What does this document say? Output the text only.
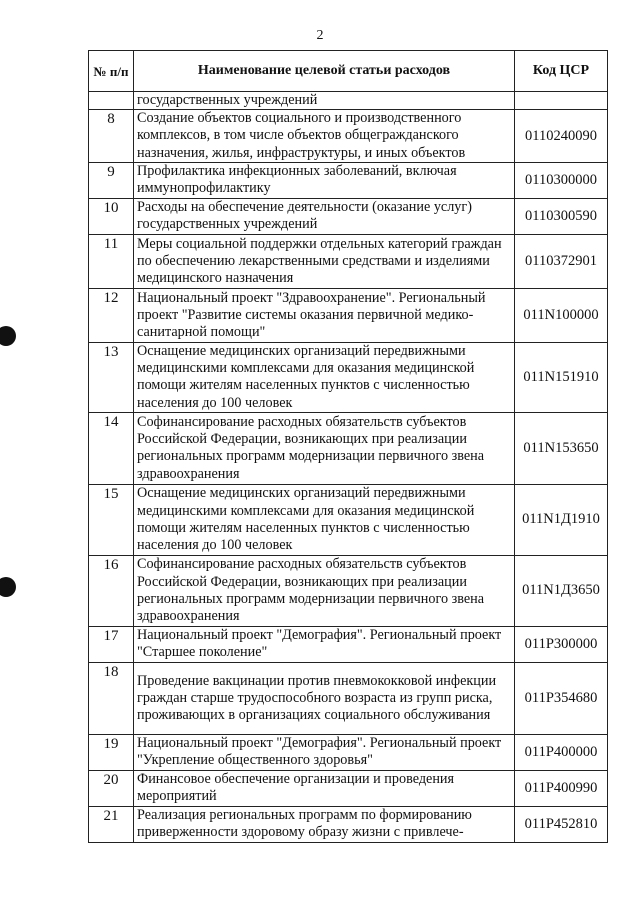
2
№ п/п	Наименование целевой статьи расходов	Код ЦСР
	государственных учреждений	
8	Создание объектов социального и производственного комплексов, в том числе объектов общегражданского назначения, жилья, инфраструктуры, и иных объектов	0110240090
9	Профилактика инфекционных заболеваний, включая иммунопрофилактику	0110300000
10	Расходы на обеспечение деятельности (оказание услуг) государственных учреждений	0110300590
11	Меры социальной поддержки отдельных категорий граждан по обеспечению лекарственными средствами и изделиями медицинского назначения	0110372901
12	Национальный проект "Здравоохранение". Региональный проект "Развитие системы оказания первичной медико-санитарной помощи"	011N100000
13	Оснащение медицинских организаций передвижными медицинскими комплексами для оказания медицинской помощи жителям населенных пунктов с численностью населения до 100 человек	011N151910
14	Софинансирование расходных обязательств субъектов Российской Федерации, возникающих при реализации региональных программ модернизации первичного звена здравоохранения	011N153650
15	Оснащение медицинских организаций передвижными медицинскими комплексами для оказания медицинской помощи жителям населенных пунктов с численностью населения до 100 человек	011N1Д1910
16	Софинансирование расходных обязательств субъектов Российской Федерации, возникающих при реализации региональных программ модернизации первичного звена здравоохранения	011N1Д3650
17	Национальный проект "Демография". Региональный проект "Старшее поколение"	011P300000
18	Проведение вакцинации против пневмококковой инфекции граждан старше трудоспособного возраста из групп риска, проживающих в организациях социального обслуживания	011P354680
19	Национальный проект "Демография". Региональный проект "Укрепление общественного здоровья"	011P400000
20	Финансовое обеспечение организации и проведения мероприятий	011P400990
21	Реализация региональных программ по формированию приверженности здоровому образу жизни с привлече-	011P452810
